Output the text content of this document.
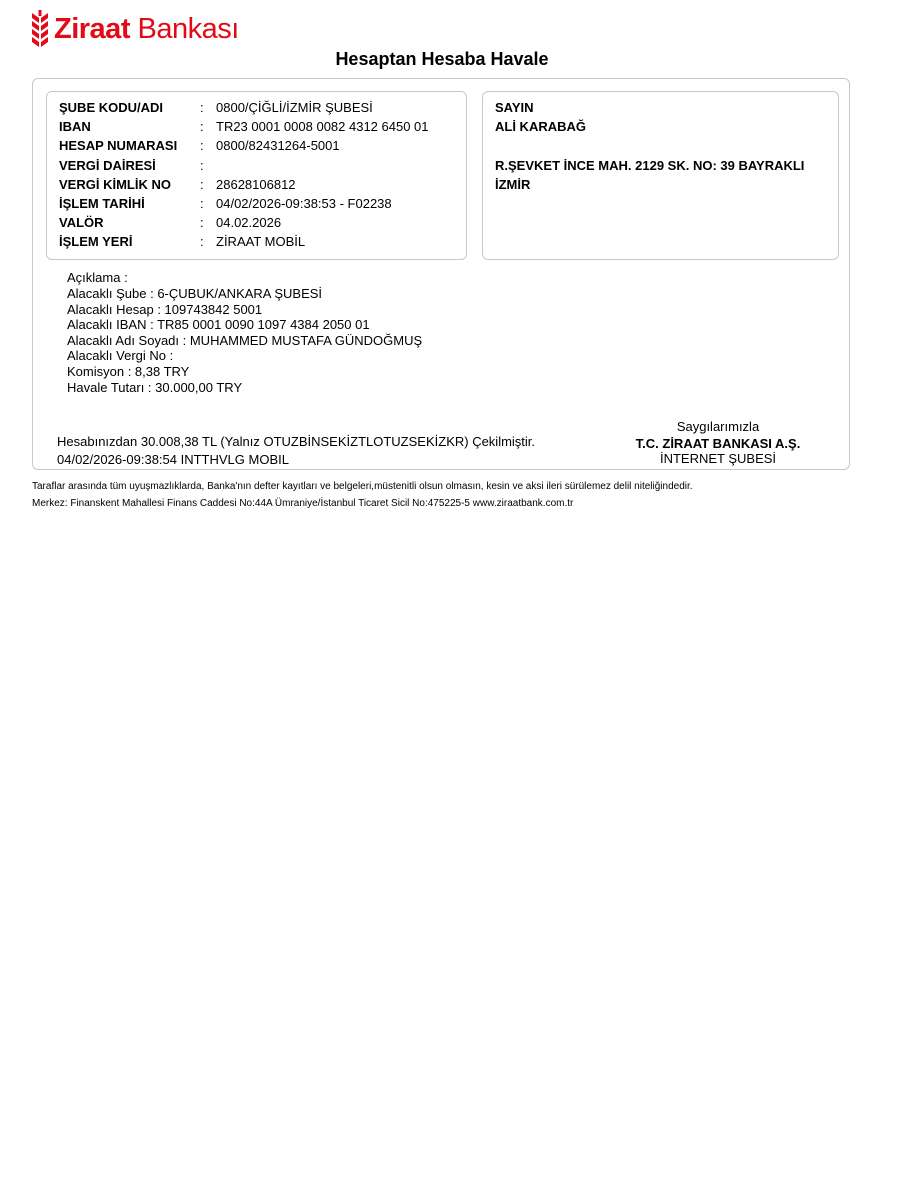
Ziraat Bankası
Hesaptan Hesaba Havale
ŞUBE KODU/ADI	: 0800/ÇİĞLİ/İZMİR ŞUBESİ
IBAN	: TR23 0001 0008 0082 4312 6450 01
HESAP NUMARASI : 0800/82431264-5001
VERGİ DAİRESİ	:
VERGİ KİMLİK NO : 28628106812
İŞLEM TARİHİ	: 04/02/2026-09:38:53 - F02238
VALÖR	: 04.02.2026
İŞLEM YERİ	: ZİRAAT MOBİL
SAYIN
ALİ KARABAĞ
R.ŞEVKET İNCE MAH. 2129 SK. NO: 39 BAYRAKLI
İZMİR
Açıklama :
Alacaklı Şube : 6-ÇUBUK/ANKARA ŞUBESİ
Alacaklı Hesap : 109743842 5001
Alacaklı IBAN : TR85 0001 0090 1097 4384 2050 01
Alacaklı Adı Soyadı : MUHAMMED MUSTAFA GÜNDOĞMUŞ
Alacaklı Vergi No :
Komisyon : 8,38 TRY
Havale Tutarı : 30.000,00 TRY
Hesabınızdan 30.008,38 TL (Yalnız OTUZBİNSEKİZTLOTUZSEKİZKR) Çekilmiştir.
04/02/2026-09:38:54 INTTHVLG MOBIL
Saygılarımızla
T.C. ZİRAAT BANKASI A.Ş.
İNTERNET ŞUBESİ
Taraflar arasında tüm uyuşmazlıklarda, Banka'nın defter kayıtları ve belgeleri,müstenitli olsun olmasın, kesin ve aksi ileri sürülemez delil niteliğindedir.
Merkez: Finanskent Mahallesi Finans Caddesi No:44A Ümraniye/İstanbul Ticaret Sicil No:475225-5 www.ziraatbank.com.tr
